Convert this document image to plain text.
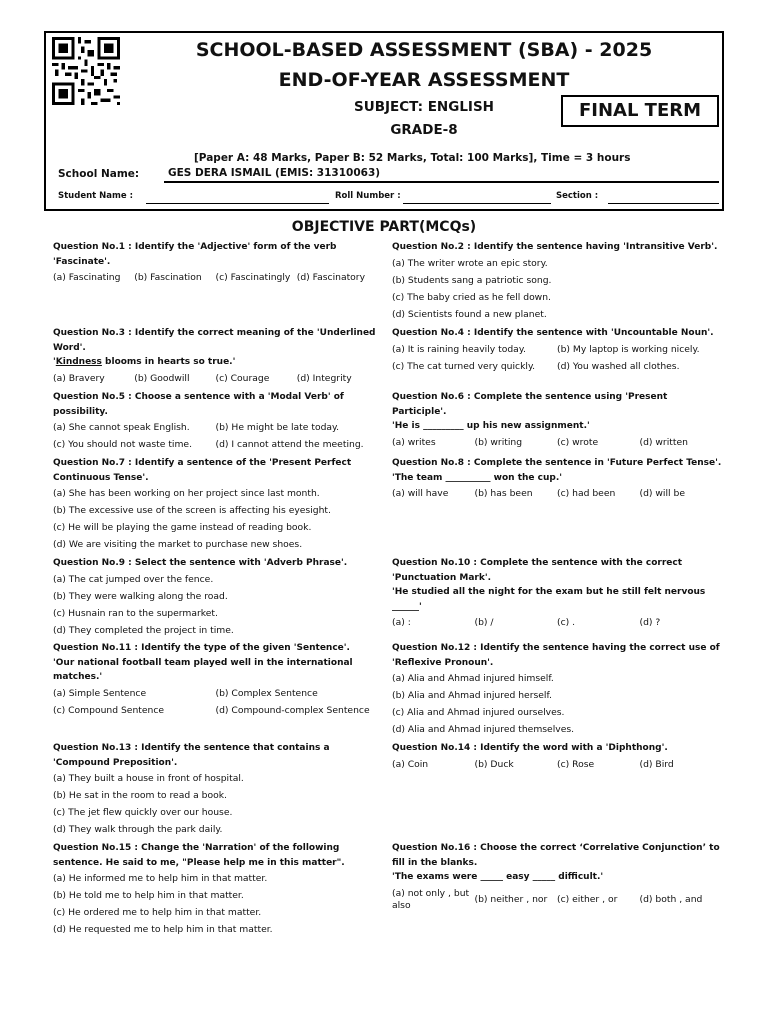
SCHOOL-BASED ASSESSMENT (SBA) - 2025
END-OF-YEAR ASSESSMENT
SUBJECT: ENGLISH
GRADE-8
FINAL TERM
[Paper A: 48 Marks, Paper B: 52 Marks, Total: 100 Marks], Time = 3 hours
School Name:	GES DERA ISMAIL (EMIS: 31310063)
Student Name :	Roll Number :	Section :
OBJECTIVE PART(MCQs)
Question No.1 : Identify the 'Adjective' form of the verb 'Fascinate'.
(a) Fascinating	(b) Fascination	(c) Fascinatingly (d) Fascinatory
Question No.2 : Identify the sentence having 'Intransitive Verb'.
(a) The writer wrote an epic story.
(b) Students sang a patriotic song.
(c) The baby cried as he fell down.
(d) Scientists found a new planet.
Question No.3 : Identify the correct meaning of the 'Underlined Word'.
'Kindness blooms in hearts so true.'
(a) Bravery	(b) Goodwill	(c) Courage	(d) Integrity
Question No.4 : Identify the sentence with 'Uncountable Noun'.
(a) It is raining heavily today.	(b) My laptop is working nicely.
(c) The cat turned very quickly.	(d) You washed all clothes.
Question No.5 : Choose a sentence with a 'Modal Verb' of possibility.
(a) She cannot speak English.	(b) He might be late today.
(c) You should not waste time.	(d) I cannot attend the meeting.
Question No.6 : Complete the sentence using 'Present Participle'.
'He is _________ up his new assignment.'
(a) writes	(b) writing	(c) wrote	(d) written
Question No.7 : Identify a sentence of the 'Present Perfect Continuous Tense'.
(a) She has been working on her project since last month.
(b) The excessive use of the screen is affecting his eyesight.
(c) He will be playing the game instead of reading book.
(d) We are visiting the market to purchase new shoes.
Question No.8 : Complete the sentence in 'Future Perfect Tense'.
'The team __________ won the cup.'
(a) will have	(b) has been	(c) had been	(d) will be
Question No.9 : Select the sentence with 'Adverb Phrase'.
(a) The cat jumped over the fence.
(b) They were walking along the road.
(c) Husnain ran to the supermarket.
(d) They completed the project in time.
Question No.10 : Complete the sentence with the correct 'Punctuation Mark'.
'He studied all the night for the exam but he still felt nervous ______'
(a) :	(b) /	(c) .	(d) ?
Question No.11 : Identify the type of the given 'Sentence'.
'Our national football team played well in the international matches.'
(a) Simple Sentence	(b) Complex Sentence
(c) Compound Sentence	(d) Compound-complex Sentence
Question No.12 : Identify the sentence having the correct use of 'Reflexive Pronoun'.
(a) Alia and Ahmad injured himself.
(b) Alia and Ahmad injured herself.
(c) Alia and Ahmad injured ourselves.
(d) Alia and Ahmad injured themselves.
Question No.13 : Identify the sentence that contains a 'Compound Preposition'.
(a) They built a house in front of hospital.
(b) He sat in the room to read a book.
(c) The jet flew quickly over our house.
(d) They walk through the park daily.
Question No.14 : Identify the word with a 'Diphthong'.
(a) Coin	(b) Duck	(c) Rose	(d) Bird
Question No.15 : Change the 'Narration' of the following sentence. He said to me, "Please help me in this matter".
(a) He informed me to help him in that matter.
(b) He told me to help him in that matter.
(c) He ordered me to help him in that matter.
(d) He requested me to help him in that matter.
Question No.16 : Choose the correct ‘Correlative Conjunction’ to fill in the blanks.
'The exams were _____ easy _____ difficult.'
(a) not only , but also
(b) neither , nor	(c) either , or	(d) both , and
